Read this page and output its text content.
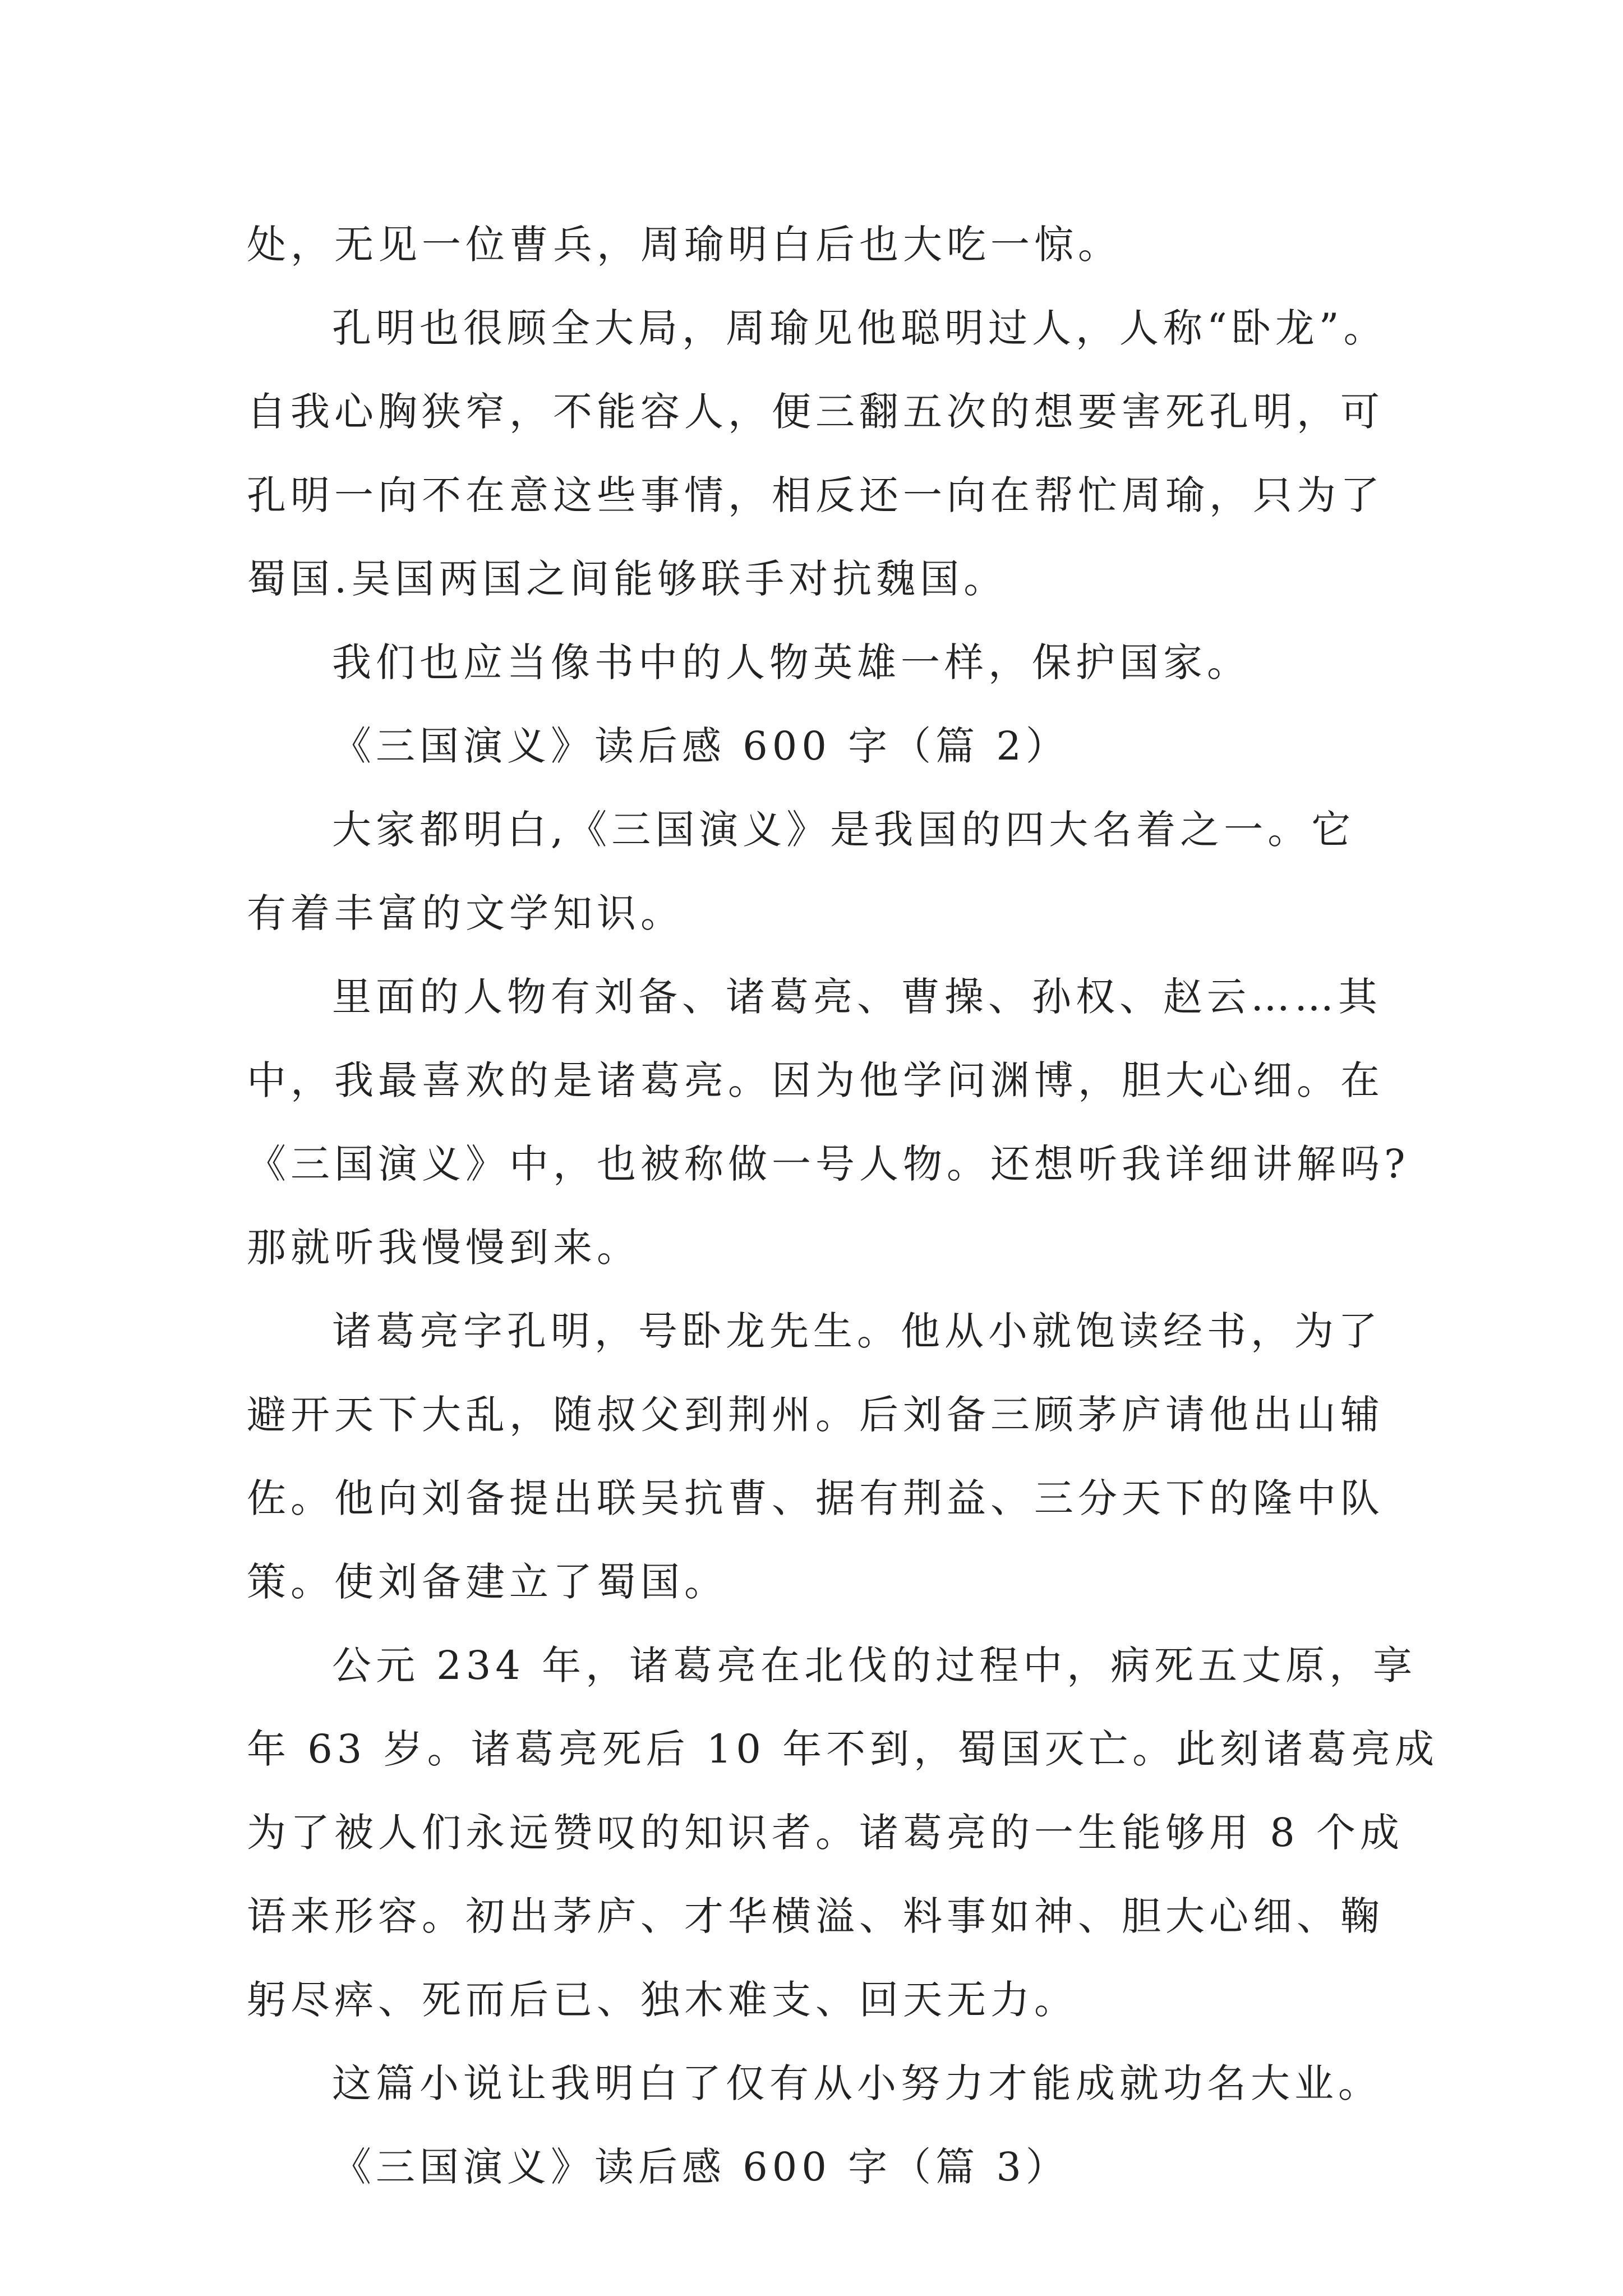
处，无见一位曹兵，周瑜明白后也大吃一惊。
孔明也很顾全大局，周瑜见他聪明过人，人称“卧龙”。
自我心胸狭窄，不能容人，便三翻五次的想要害死孔明，可
孔明一向不在意这些事情，相反还一向在帮忙周瑜，只为了
蜀国.吴国两国之间能够联手对抗魏国。
我们也应当像书中的人物英雄一样，保护国家。
《三国演义》读后感 600 字（篇 2）
大家都明白,《三国演义》是我国的四大名着之一。它
有着丰富的文学知识。
里面的人物有刘备、诸葛亮、曹操、孙权、赵云……其
中，我最喜欢的是诸葛亮。因为他学问渊博，胆大心细。在
《三国演义》中，也被称做一号人物。还想听我详细讲解吗?
那就听我慢慢到来。
诸葛亮字孔明，号卧龙先生。他从小就饱读经书，为了
避开天下大乱，随叔父到荆州。后刘备三顾茅庐请他出山辅
佐。他向刘备提出联吴抗曹、据有荆益、三分天下的隆中队
策。使刘备建立了蜀国。
公元 234 年，诸葛亮在北伐的过程中，病死五丈原，享
年 63 岁。诸葛亮死后 10 年不到，蜀国灭亡。此刻诸葛亮成
为了被人们永远赞叹的知识者。诸葛亮的一生能够用 8 个成
语来形容。初出茅庐、才华横溢、料事如神、胆大心细、鞠
躬尽瘁、死而后已、独木难支、回天无力。
这篇小说让我明白了仅有从小努力才能成就功名大业。
《三国演义》读后感 600 字（篇 3）
